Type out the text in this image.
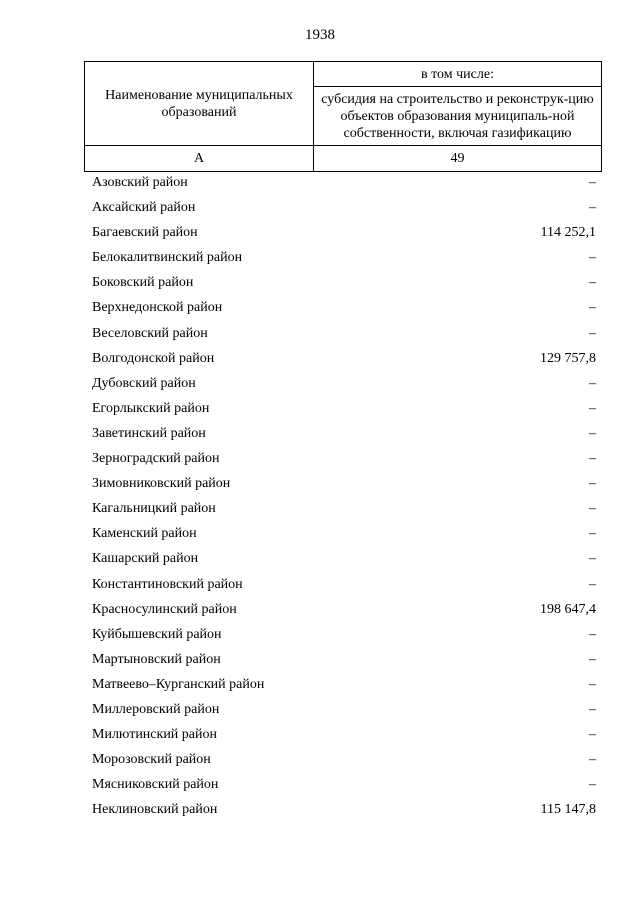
1938
Наименование муниципальных образований	в том числе:
	субсидия на строительство и реконструк-цию объектов образования муниципаль-ной собственности, включая газификацию
А	49
Азовский район	–
Аксайский район	–
Багаевский район	114 252,1
Белокалитвинский район	–
Боковский район	–
Верхнедонской район	–
Веселовский район	–
Волгодонской район	129 757,8
Дубовский район	–
Егорлыкский район	–
Заветинский район	–
Зерноградский район	–
Зимовниковский район	–
Кагальницкий район	–
Каменский район	–
Кашарский район	–
Константиновский район	–
Красносулинский район	198 647,4
Куйбышевский район	–
Мартыновский район	–
Матвеево–Курганский район	–
Миллеровский район	–
Милютинский район	–
Морозовский район	–
Мясниковский район	–
Неклиновский район	115 147,8
